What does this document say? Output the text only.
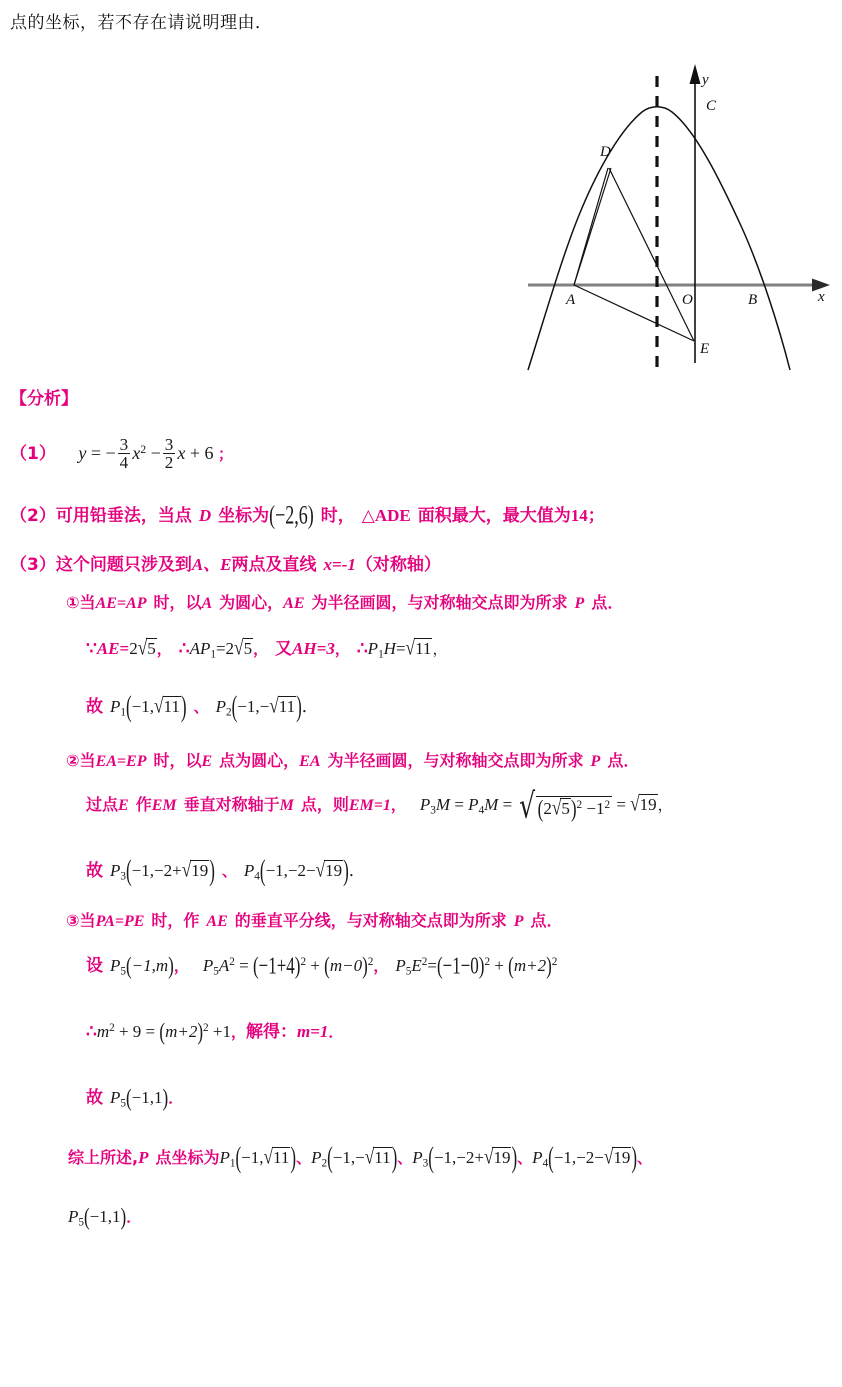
点的坐标，若不存在请说明理由．
A	B
C
D
E
O	x
y
【分析】
（1） y = − $\frac{3}{4} x^2 - \frac{3}{2}$ x + 6 ；
（2）可用铅垂法，当点 D 坐标为(−2,6) 时， △ADE 面积最大，最大值为14；
（3）这个问题只涉及到A、E两点及直线 x=-1（对称轴）
①当AE=AP 时，以A 为圆心，AE 为半径画圆，与对称轴交点即为所求 P 点．
∵AE=2√5， $\therefore AP_1=2√5$， 又AH=3， $\therefore P_1H=√11$，
故 $P_1(-1,√11)$ 、 $P_2(-1,-√11)$．
②当EA=EP 时，以E 点为圆心，EA 为半径画圆，与对称轴交点即为所求 P 点．
过点E 作EM 垂直对称轴于M 点，则EM=1， $P_3M = P_4M$ = √ $(2√5)^2 -1^2 = √19$，
故 $P_3(-1,-2+√19)$ 、 $P_4(-1,-2-√19)$．
③当PA=PE 时，作 AE 的垂直平分线，与对称轴交点即为所求 P 点．
设 $P_5(-1,m)$， $P_5A^2 = (-1+4)^2 + (m-0)^2$， $P_5E^2=(-1-0)^2 + (m+2)^2$
$\therefore m^2 + 9 = (m+2)^2 +1$，解得：m=1．
故 $P_5(-1,1)$．
综上所述,P 点坐标为$P_1(-1,√11)$、$P_2(-1,-√11)$、$P_3(-1,-2+√19)$、$P_4(-1,-2-√19)$、
$P_5(-1,1)$．
